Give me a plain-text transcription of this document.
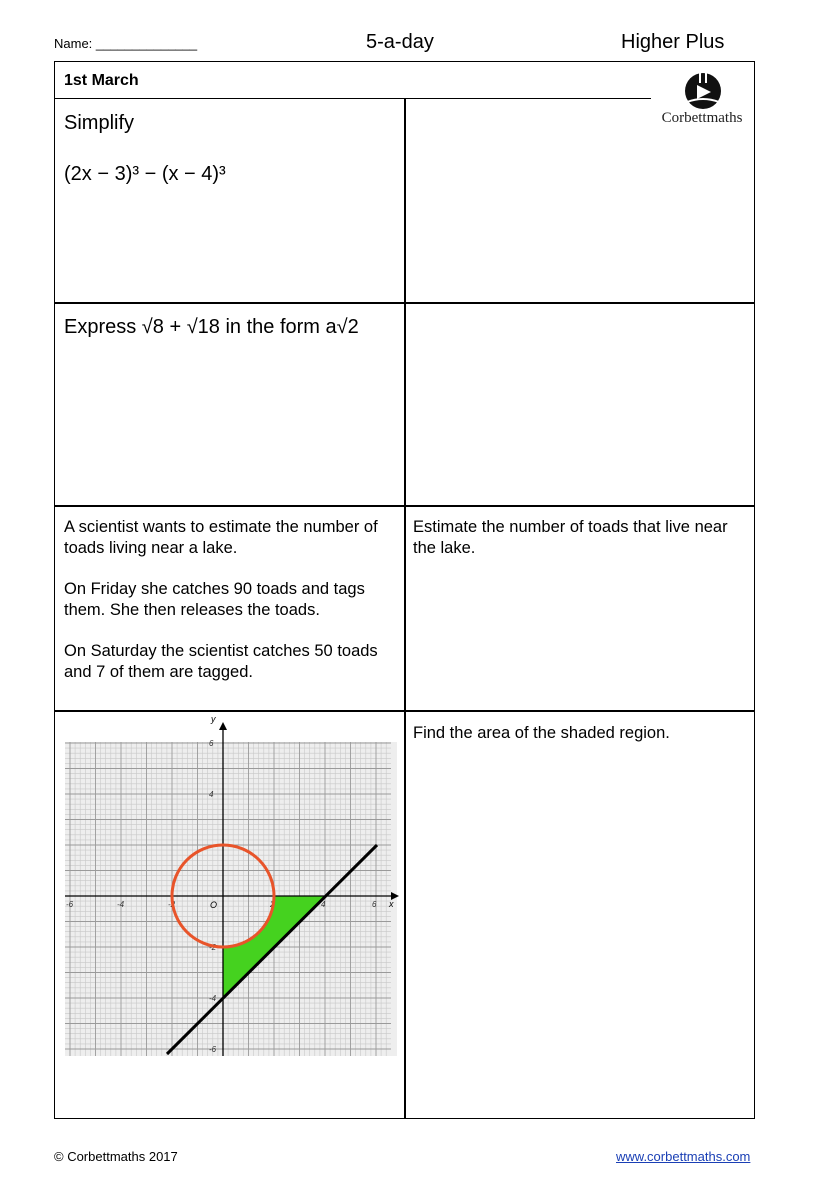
Name: ______________	5-a-day	Higher Plus
1st March
Corbettmaths

Simplify

(2x − 3)³ − (x − 4)³

Express √8 + √18 in the form a√2

A scientist wants to estimate the number of toads living near a lake.

On Friday she catches 90 toads and tags them. She then releases the toads.

On Saturday the scientist catches 50 toads and 7 of them are tagged.

Estimate the number of toads that live near the lake.
Find the area of the shaded region.
y
x
O
-6	-4	-2	2	4	6
6
4
-2
-4
-6
© Corbettmaths 2017	www.corbettmaths.com
